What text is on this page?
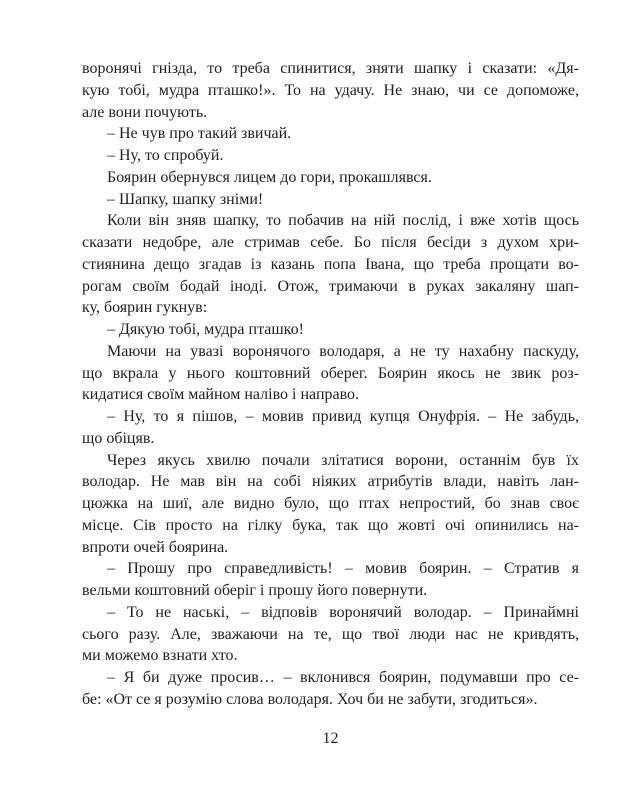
воронячі гнізда, то треба спинитися, зняти шапку і сказати: «Дя-
кую тобі, мудра пташко!». То на удачу. Не знаю, чи се допоможе,
але вони почують.
– Не чув про такий звичай.
– Ну, то спробуй.
Боярин обернувся лицем до гори, прокашлявся.
– Шапку, шапку зніми!
Коли він зняв шапку, то побачив на ній послід, і вже хотів щось
сказати недобре, але стримав себе. Бо після бесіди з духом хри-
стиянина дещо згадав із казань попа Івана, що треба прощати во-
рогам своїм бодай іноді. Отож, тримаючи в руках закаляну шап-
ку, боярин гукнув:
– Дякую тобі, мудра пташко!
Маючи на увазі воронячого володаря, а не ту нахабну паскуду,
що вкрала у нього коштовний оберег. Боярин якось не звик роз-
кидатися своїм майном наліво і направо.
– Ну, то я пішов, – мовив привид купця Онуфрія. – Не забудь,
що обіцяв.
Через якусь хвилю почали злітатися ворони, останнім був їх
володар. Не мав він на собі ніяких атрибутів влади, навіть лан-
цюжка на шиї, але видно було, що птах непростий, бо знав своє
місце. Сів просто на гілку бука, так що жовті очі опинились на-
впроти очей боярина.
– Прошу про справедливість! – мовив боярин. – Стратив я
вельми коштовний оберіг і прошу його повернути.
– То не наські, – відповів воронячий володар. – Принаймні
сього разу. Але, зважаючи на те, що твої люди нас не кривдять,
ми можемо взнати хто.
– Я би дуже просив… – вклонився боярин, подумавши про се-
бе: «От се я розумію слова володаря. Хоч би не забути, згодиться».
12
